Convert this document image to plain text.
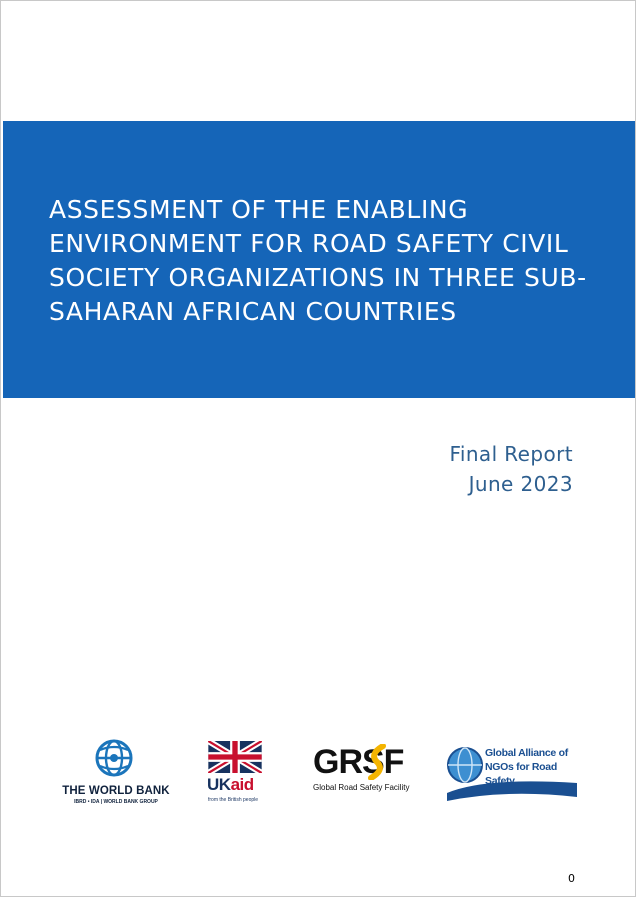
ASSESSMENT OF THE ENABLING
ENVIRONMENT FOR ROAD SAFETY CIVIL
SOCIETY ORGANIZATIONS IN THREE SUB-
SAHARAN AFRICAN COUNTRIES
Final Report
June 2023
THE WORLD BANK
IBRD • IDA | WORLD BANK GROUP
UKaid
from the British people
GRSF
Global Road Safety Facility
Global Alliance of
NGOs for Road Safety
0
